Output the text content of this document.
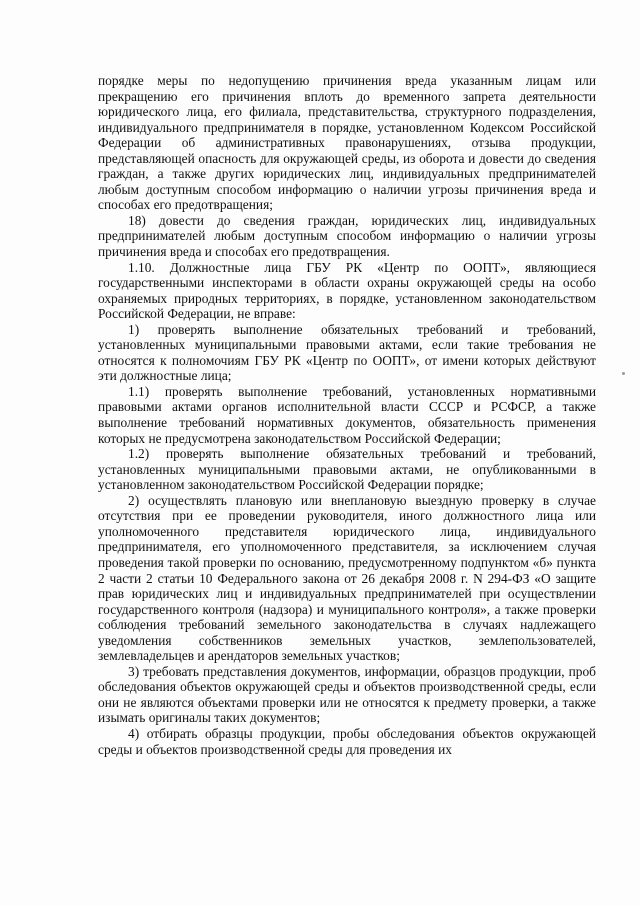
порядке меры по недопущению причинения вреда указанным лицам или прекращению его причинения вплоть до временного запрета деятельности юридического лица, его филиала, представительства, структурного подразделения, индивидуального предпринимателя в порядке, установленном Кодексом Российской Федерации об административных правонарушениях, отзыва продукции, представляющей опасность для окружающей среды, из оборота и довести до сведения граждан, а также других юридических лиц, индивидуальных предпринимателей любым доступным способом информацию о наличии угрозы причинения вреда и способах его предотвращения;

18) довести до сведения граждан, юридических лиц, индивидуальных предпринимателей любым доступным способом информацию о наличии угрозы причинения вреда и способах его предотвращения.

1.10. Должностные лица ГБУ РК «Центр по ООПТ», являющиеся государственными инспекторами в области охраны окружающей среды на особо охраняемых природных территориях, в порядке, установленном законодательством Российской Федерации, не вправе:

1) проверять выполнение обязательных требований и требований, установленных муниципальными правовыми актами, если такие требования не относятся к полномочиям ГБУ РК «Центр по ООПТ», от имени которых действуют эти должностные лица;

1.1) проверять выполнение требований, установленных нормативными правовыми актами органов исполнительной власти СССР и РСФСР, а также выполнение требований нормативных документов, обязательность применения которых не предусмотрена законодательством Российской Федерации;

1.2) проверять выполнение обязательных требований и требований, установленных муниципальными правовыми актами, не опубликованными в установленном законодательством Российской Федерации порядке;

2) осуществлять плановую или внеплановую выездную проверку в случае отсутствия при ее проведении руководителя, иного должностного лица или уполномоченного представителя юридического лица, индивидуального предпринимателя, его уполномоченного представителя, за исключением случая проведения такой проверки по основанию, предусмотренному подпунктом «б» пункта 2 части 2 статьи 10 Федерального закона от 26 декабря 2008 г. N 294-ФЗ «О защите прав юридических лиц и индивидуальных предпринимателей при осуществлении государственного контроля (надзора) и муниципального контроля», а также проверки соблюдения требований земельного законодательства в случаях надлежащего уведомления собственников земельных участков, землепользователей, землевладельцев и арендаторов земельных участков;

3) требовать представления документов, информации, образцов продукции, проб обследования объектов окружающей среды и объектов производственной среды, если они не являются объектами проверки или не относятся к предмету проверки, а также изымать оригиналы таких документов;

4) отбирать образцы продукции, пробы обследования объектов окружающей среды и объектов производственной среды для проведения их
